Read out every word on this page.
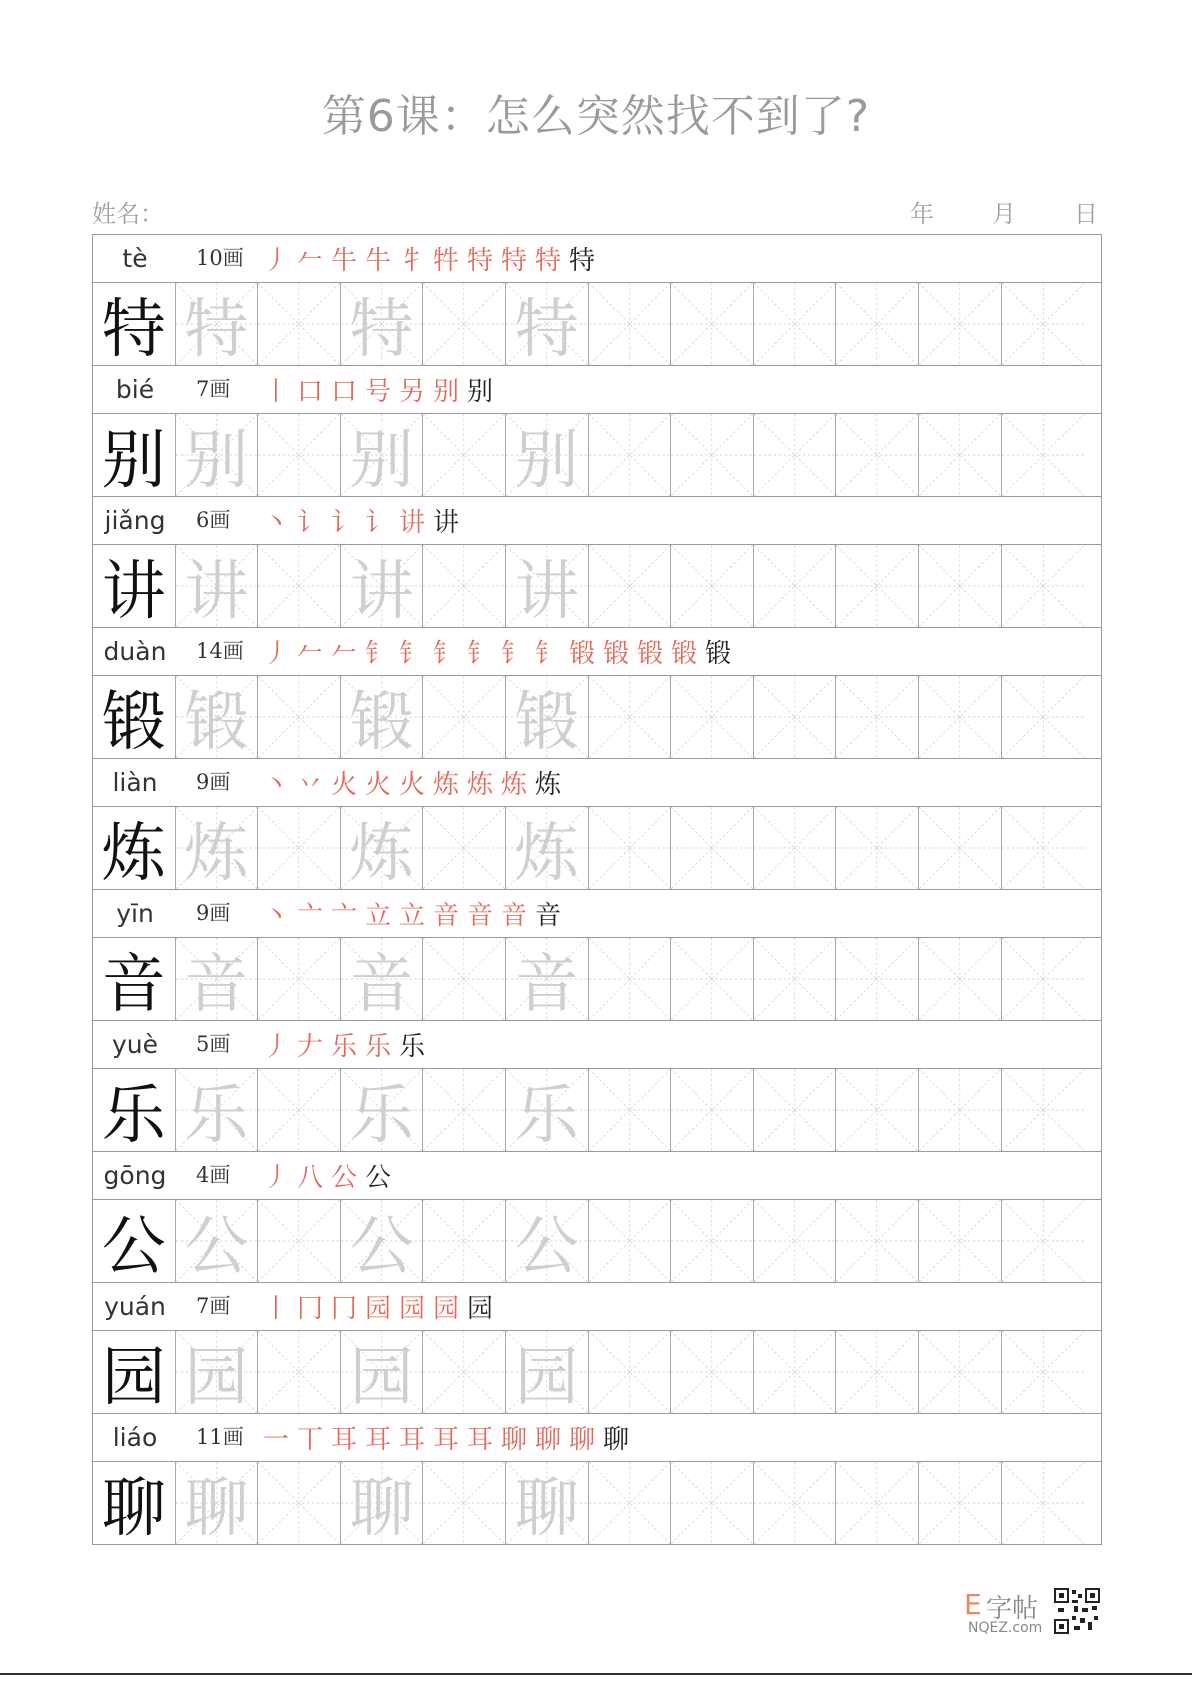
第6课：怎么突然找不到了?
姓名：	年 月 日
tè	10画 丿 𠂉 牛 牛 牜 牪 特 特 特 特
特 特 特 特
bié	7画 丨 口 口 号 另 别 别
别 别 别 别
jiǎng	6画 丶 讠 讠 讠 讲 讲
讲 讲 讲 讲
duàn	14画 丿 𠂉 𠂉 钅 钅 钅 钅 钅 钅 锻 锻 锻 锻 锻
锻 锻 锻 锻
liàn	9画 丶 丷 火 火 火 炼 炼 炼 炼
炼 炼 炼 炼
yīn	9画 丶 亠 亠 立 立 音 音 音 音
音 音 音 音
yuè	5画 丿 𠂇 乐 乐 乐
乐 乐 乐 乐
gōng	4画 丿 八 公 公
公 公 公 公
yuán	7画 丨 冂 冂 园 园 园 园
园 园 园 园
liáo	11画 一 丅 耳 耳 耳 耳 耳 聊 聊 聊 聊
聊 聊 聊 聊
E 字帖
NQEZ.com
